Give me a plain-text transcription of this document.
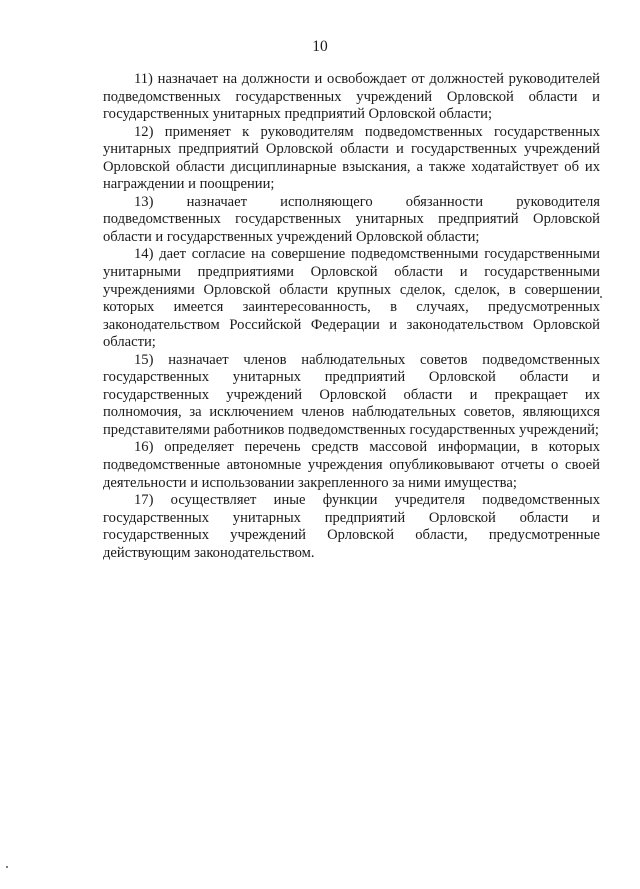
10

11) назначает на должности и освобождает от должностей руководителей подведомственных государственных учреждений Орловской области и государственных унитарных предприятий Орловской области;

12) применяет к руководителям подведомственных государственных унитарных предприятий Орловской области и государственных учреждений Орловской области дисциплинарные взыскания, а также ходатайствует об их награждении и поощрении;

13) назначает исполняющего обязанности руководителя подведомственных государственных унитарных предприятий Орловской области и государственных учреждений Орловской области;

14) дает согласие на совершение подведомственными государственными унитарными предприятиями Орловской области и государственными учреждениями Орловской области крупных сделок, сделок, в совершении которых имеется заинтересованность, в случаях, предусмотренных законодательством Российской Федерации и законодательством Орловской области;

15) назначает членов наблюдательных советов подведомственных государственных унитарных предприятий Орловской области и государственных учреждений Орловской области и прекращает их полномочия, за исключением членов наблюдательных советов, являющихся представителями работников подведомственных государственных учреждений;

16) определяет перечень средств массовой информации, в которых подведомственные автономные учреждения опубликовывают отчеты о своей деятельности и использовании закрепленного за ними имущества;

17) осуществляет иные функции учредителя подведомственных государственных унитарных предприятий Орловской области и государственных учреждений Орловской области, предусмотренные действующим законодательством.
